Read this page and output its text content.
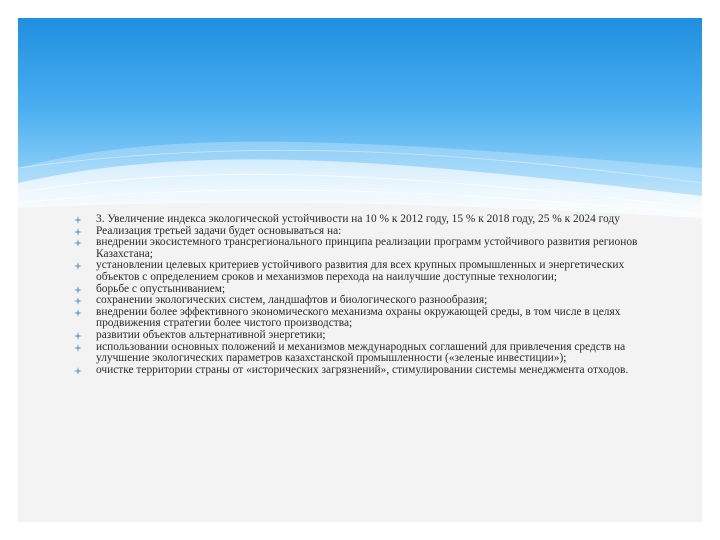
3. Увеличение индекса экологической устойчивости на 10 % к 2012 году, 15 % к 2018 году, 25 % к 2024 году
Реализация третьей задачи будет основываться на:
внедрении экосистемного трансрегионального принципа реализации программ устойчивого развития регионов Казахстана;
установлении целевых критериев устойчивого развития для всех крупных промышленных и энергетических объектов с определением сроков и механизмов перехода на наилучшие доступные технологии;
борьбе с опустыниванием;
сохранении экологических систем, ландшафтов и биологического разнообразия;
внедрении более эффективного экономического механизма охраны окружающей среды, в том числе в целях продвижения стратегии более чистого производства;
развитии объектов альтернативной энергетики;
использовании основных положений и механизмов международных соглашений для привлечения средств на улучшение экологических параметров казахстанской промышленности («зеленые инвестиции»);
очистке территории страны от «исторических загрязнений», стимулировании системы менеджмента отходов.
